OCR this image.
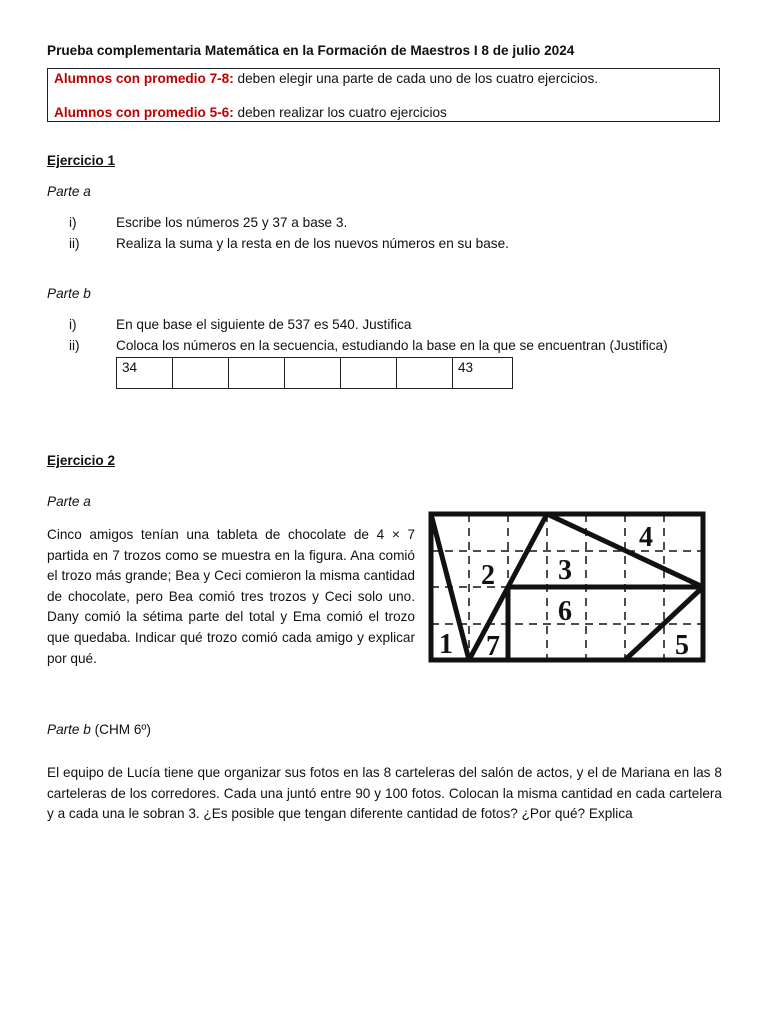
Prueba complementaria Matemática en la Formación de Maestros I 8 de julio 2024
Alumnos con promedio 7-8: deben elegir una parte de cada uno de los cuatro ejercicios.
Alumnos con promedio 5-6: deben realizar los cuatro ejercicios
Ejercicio 1
Parte a
i)	Escribe los números 25 y 37 a base 3.
ii)	Realiza la suma y la resta en de los nuevos números en su base.
Parte b
i)	En que base el siguiente de 537 es 540. Justifica
ii)	Coloca los números en la secuencia, estudiando la base en la que se encuentran (Justifica)
34						43
Ejercicio 2
Parte a
Cinco amigos tenían una tableta de chocolate de 4 × 7 partida en 7 trozos como se muestra en la figura. Ana comió el trozo más grande; Bea y Ceci comieron la misma cantidad de chocolate, pero Bea comió tres trozos y Ceci solo uno. Dany comió la sétima parte del total y Ema comió el trozo que quedaba. Indicar qué trozo comió cada amigo y explicar por qué.	1
2 3
4
5
6
7
Parte b (CHM 6º)
El equipo de Lucía tiene que organizar sus fotos en las 8 carteleras del salón de actos, y el de Mariana en las 8 carteleras de los corredores. Cada una juntó entre 90 y 100 fotos. Colocan la misma cantidad en cada cartelera y a cada una le sobran 3. ¿Es posible que tengan diferente cantidad de fotos? ¿Por qué? Explica
